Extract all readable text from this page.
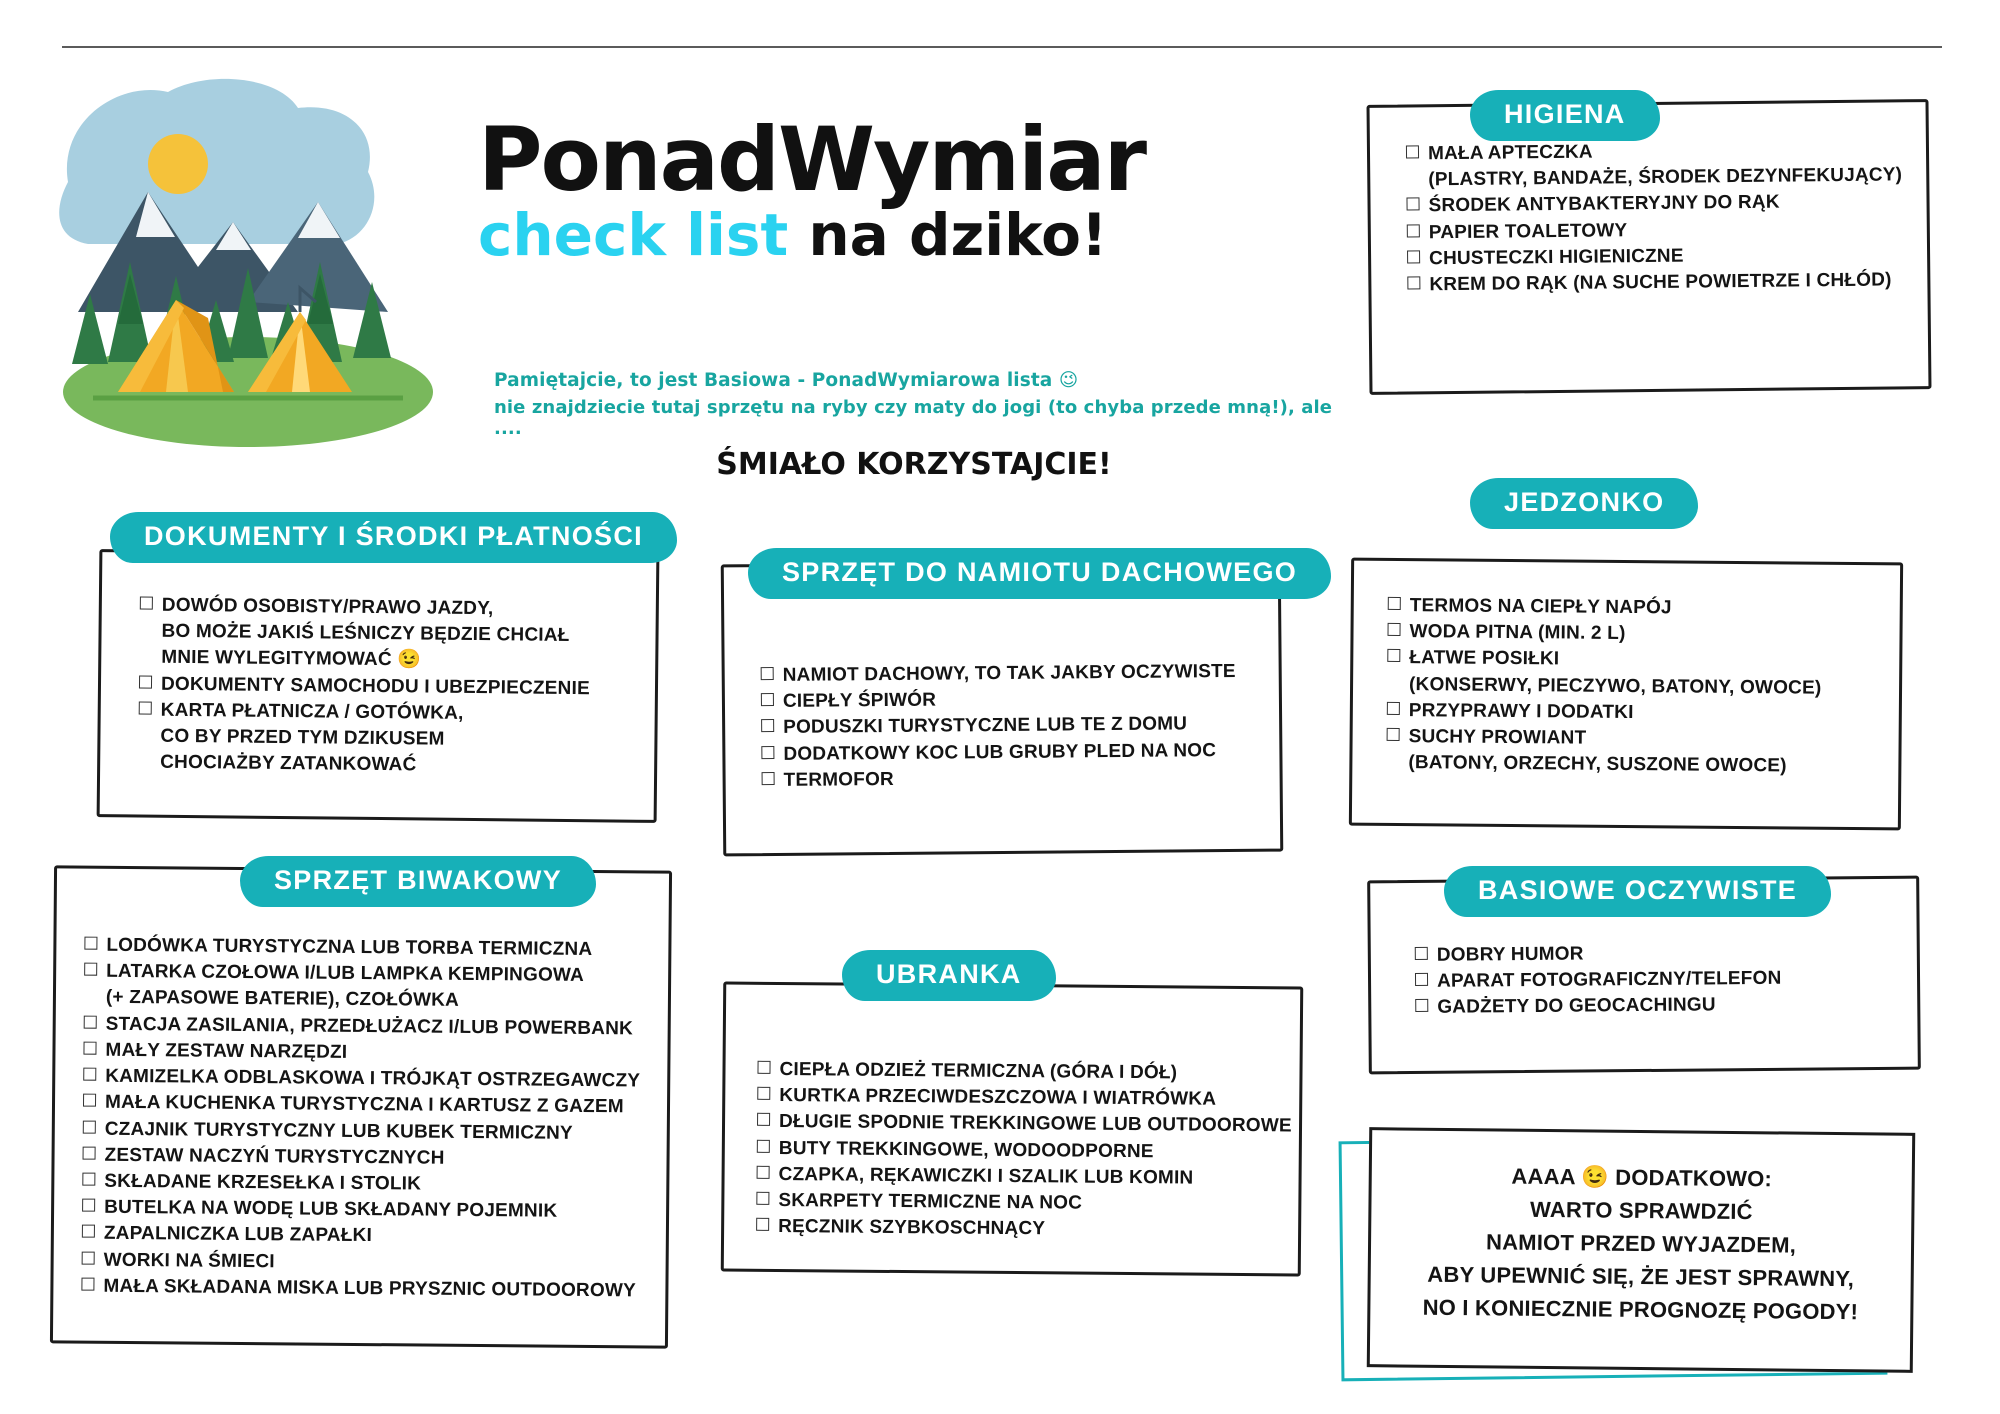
PonadWymiar
check list na dziko!

Pamiętajcie, to jest Basiowa - PonadWymiarowa lista 😉

nie znajdziecie tutaj sprzętu na ryby czy maty do jogi (to chyba przede mną!), ale ....

ŚMIAŁO KORZYSTAJCIE!

MAŁA APTECZKA
(PLASTRY, BANDAŻE, ŚRODEK DEZYNFEKUJĄCY)
ŚRODEK ANTYBAKTERYJNY DO RĄK
PAPIER TOALETOWY
CHUSTECZKI HIGIENICZNE
KREM DO RĄK (NA SUCHE POWIETRZE I CHŁÓD)
HIGIENA
TERMOS NA CIEPŁY NAPÓJ
WODA PITNA (MIN. 2 L)
ŁATWE POSIŁKI
(KONSERWY, PIECZYWO, BATONY, OWOCE)
PRZYPRAWY I DODATKI
SUCHY PROWIANT
(BATONY, ORZECHY, SUSZONE OWOCE)
JEDZONKO
DOWÓD OSOBISTY/PRAWO JAZDY,
BO MOŻE JAKIŚ LEŚNICZY BĘDZIE CHCIAŁ
MNIE WYLEGITYMOWAĆ 😉
DOKUMENTY SAMOCHODU I UBEZPIECZENIE
KARTA PŁATNICZA / GOTÓWKA,
CO BY PRZED TYM DZIKUSEM
CHOCIAŻBY ZATANKOWAĆ
DOKUMENTY I ŚRODKI PŁATNOŚCI
NAMIOT DACHOWY, TO TAK JAKBY OCZYWISTE
CIEPŁY ŚPIWÓR
PODUSZKI TURYSTYCZNE LUB TE Z DOMU
DODATKOWY KOC LUB GRUBY PLED NA NOC
TERMOFOR
SPRZĘT DO NAMIOTU DACHOWEGO
LODÓWKA TURYSTYCZNA LUB TORBA TERMICZNA
LATARKA CZOŁOWA I/LUB LAMPKA KEMPINGOWA
(+ ZAPASOWE BATERIE), CZOŁÓWKA
STACJA ZASILANIA, PRZEDŁUŻACZ I/LUB POWERBANK
MAŁY ZESTAW NARZĘDZI
KAMIZELKA ODBLASKOWA I TRÓJKĄT OSTRZEGAWCZY
MAŁA KUCHENKA TURYSTYCZNA I KARTUSZ Z GAZEM
CZAJNIK TURYSTYCZNY LUB KUBEK TERMICZNY
ZESTAW NACZYŃ TURYSTYCZNYCH
SKŁADANE KRZESEŁKA I STOLIK
BUTELKA NA WODĘ LUB SKŁADANY POJEMNIK
ZAPALNICZKA LUB ZAPAŁKI
WORKI NA ŚMIECI
MAŁA SKŁADANA MISKA LUB PRYSZNIC OUTDOOROWY
SPRZĘT BIWAKOWY
DOBRY HUMOR
APARAT FOTOGRAFICZNY/TELEFON
GADŻETY DO GEOCACHINGU
BASIOWE OCZYWISTE
CIEPŁA ODZIEŻ TERMICZNA (GÓRA I DÓŁ)
KURTKA PRZECIWDESZCZOWA I WIATRÓWKA
DŁUGIE SPODNIE TREKKINGOWE LUB OUTDOOROWE
BUTY TREKKINGOWE, WODOODPORNE
CZAPKA, RĘKAWICZKI I SZALIK LUB KOMIN
SKARPETY TERMICZNE NA NOC
RĘCZNIK SZYBKOSCHNĄCY
UBRANKA
AAAA 😉 DODATKOWO:
WARTO SPRAWDZIĆ
NAMIOT PRZED WYJAZDEM,
ABY UPEWNIĆ SIĘ, ŻE JEST SPRAWNY,
NO I KONIECZNIE PROGNOZĘ POGODY!
